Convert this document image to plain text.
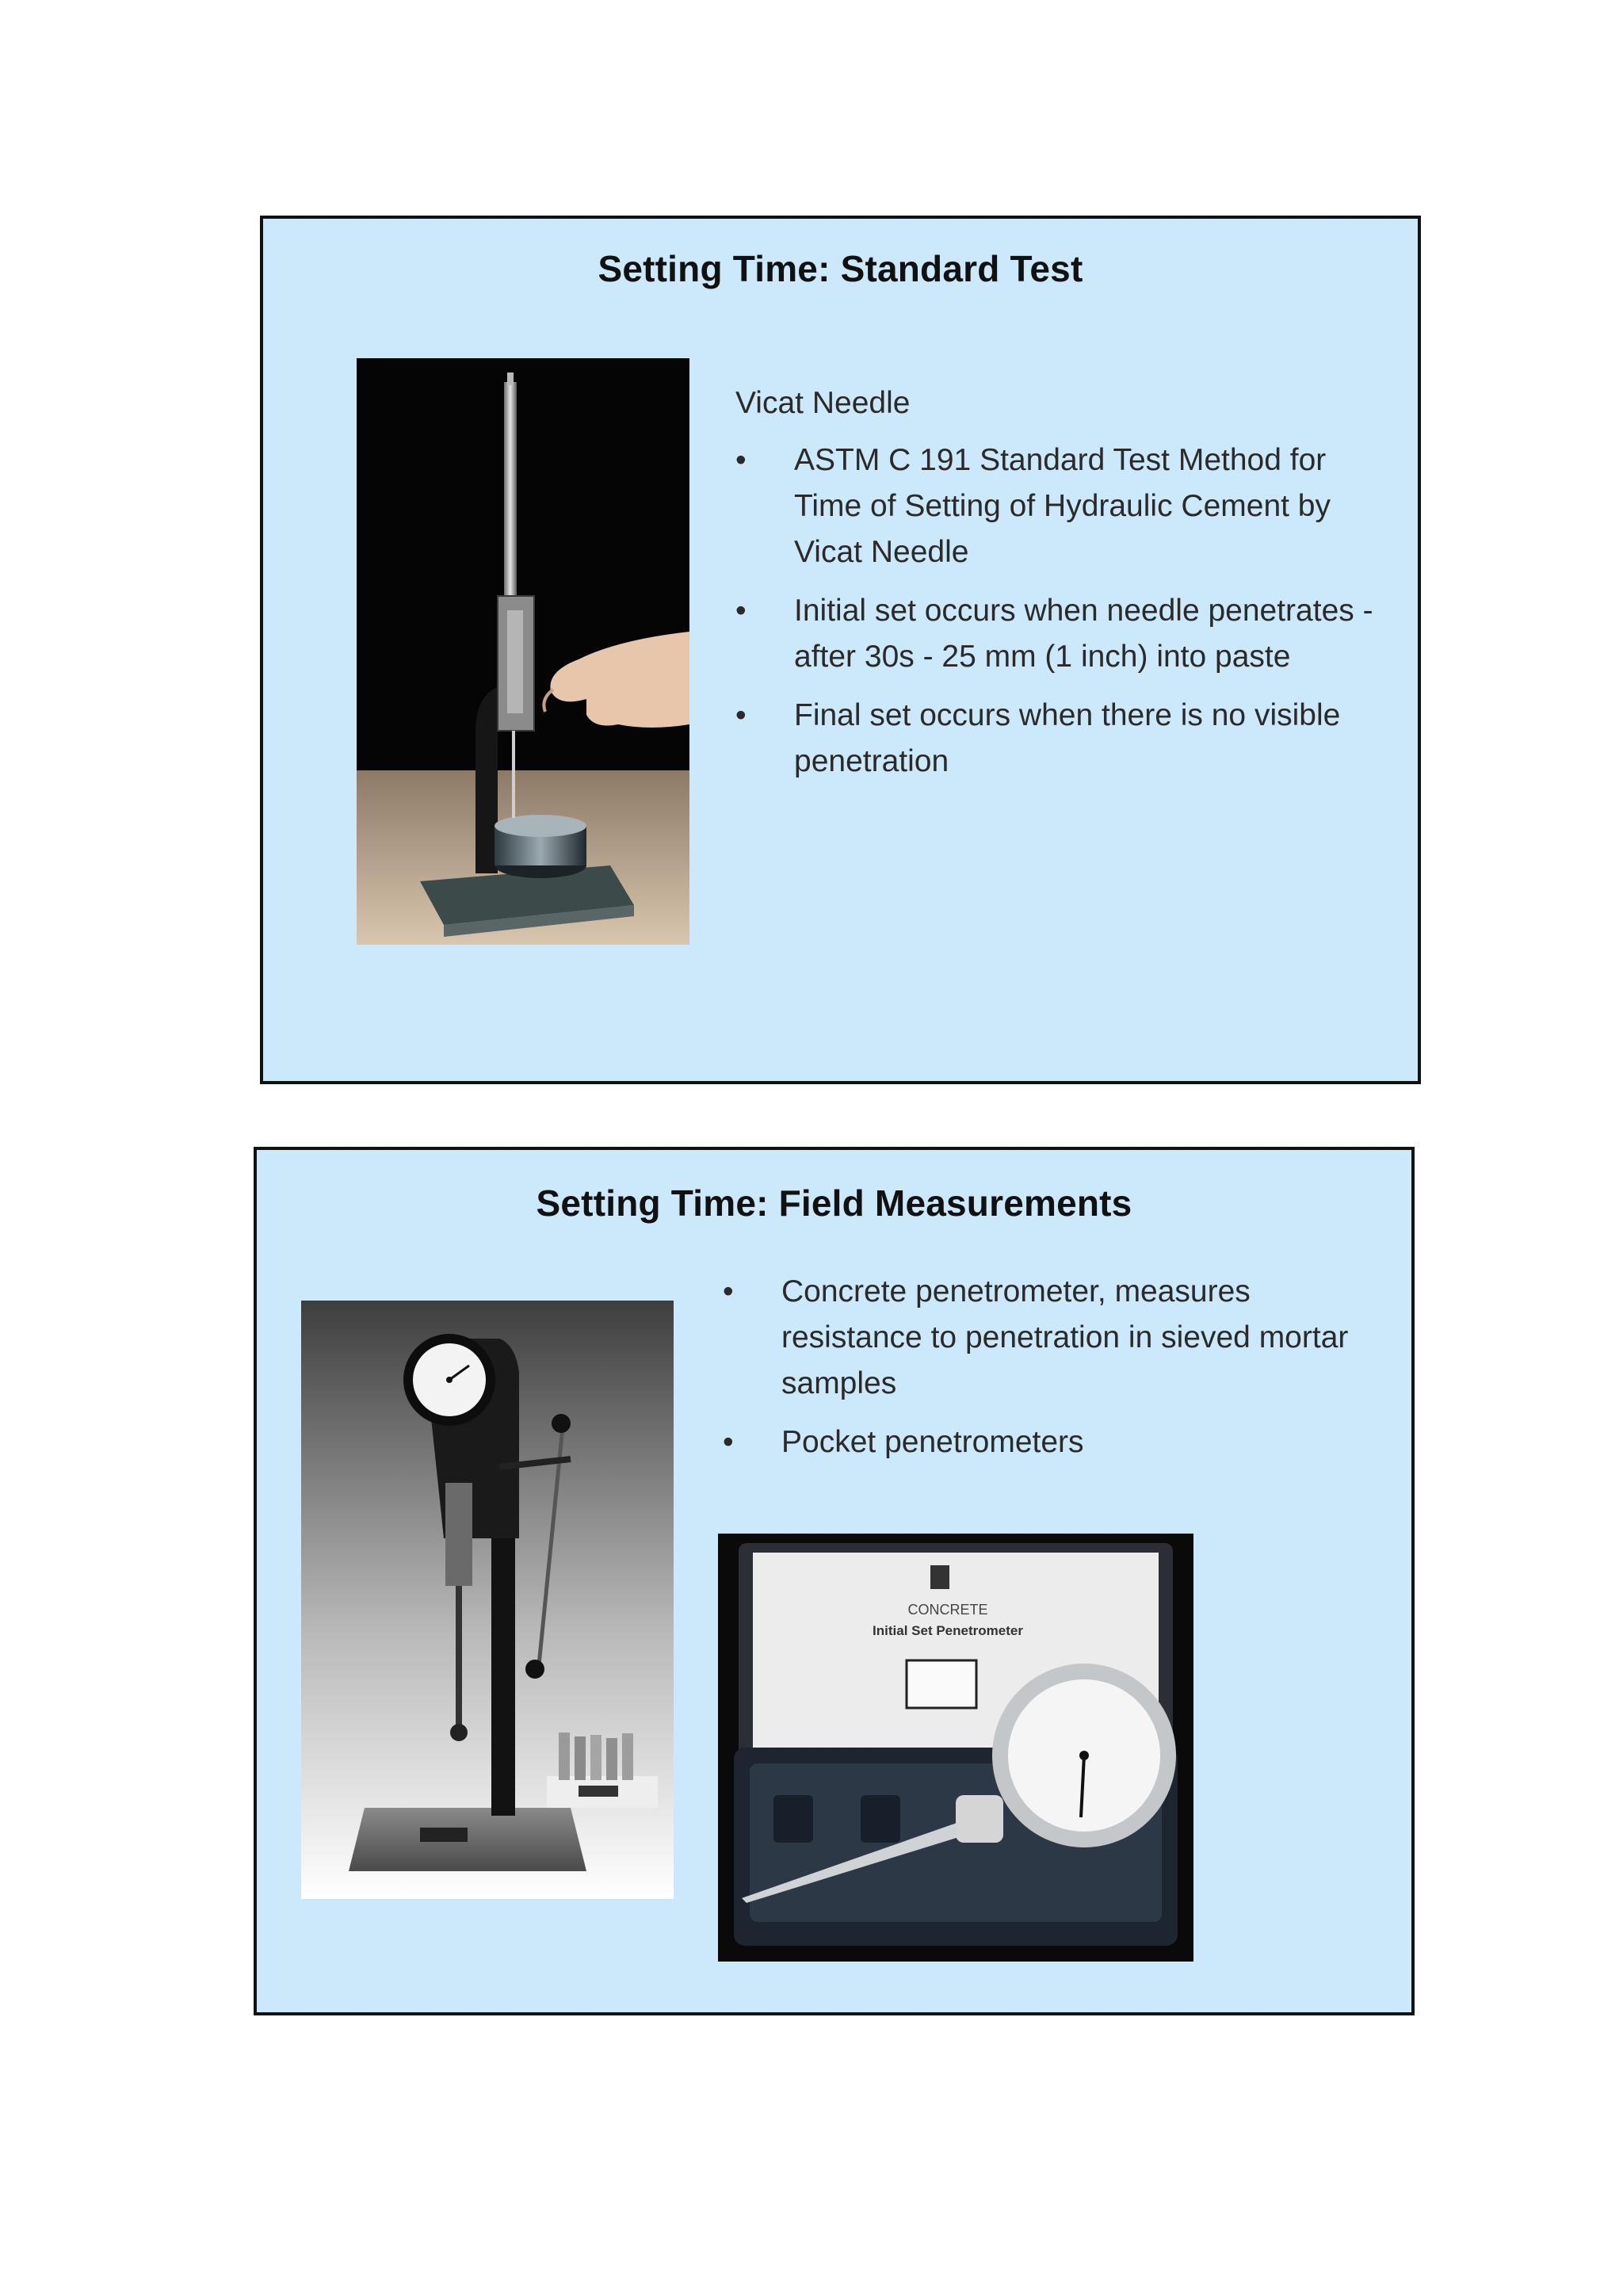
Setting Time: Standard Test
Vicat Needle
• ASTM C 191 Standard Test Method for Time of Setting of Hydraulic Cement by Vicat Needle
• Initial set occurs when needle penetrates - after 30s - 25 mm (1 inch) into paste
• Final set occurs when there is no visible penetration
Setting Time: Field Measurements
• Concrete penetrometer, measures resistance to penetration in sieved mortar samples
• Pocket penetrometers
CONCRETE
Initial Set Penetrometer
